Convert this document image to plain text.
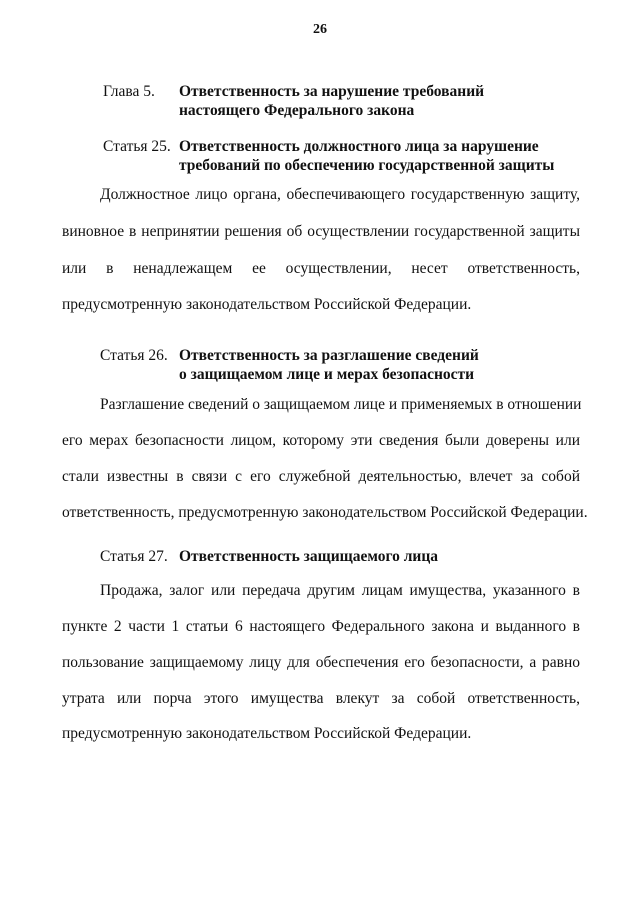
26
Глава 5. Ответственность за нарушение требований
настоящего Федерального закона
Статья 25. Ответственность должностного лица за нарушение
требований по обеспечению государственной защиты
Должностное лицо органа, обеспечивающего государственную защиту,
виновное в непринятии решения об осуществлении государственной защиты
или в ненадлежащем ее осуществлении, несет ответственность,
предусмотренную законодательством Российской Федерации.
Статья 26. Ответственность за разглашение сведений
о защищаемом лице и мерах безопасности
Разглашение сведений о защищаемом лице и применяемых в отношении
его мерах безопасности лицом, которому эти сведения были доверены или
стали известны в связи с его служебной деятельностью, влечет за собой
ответственность, предусмотренную законодательством Российской Федерации.
Статья 27. Ответственность защищаемого лица
Продажа, залог или передача другим лицам имущества, указанного в
пункте 2 части 1 статьи 6 настоящего Федерального закона и выданного в
пользование защищаемому лицу для обеспечения его безопасности, а равно
утрата или порча этого имущества влекут за собой ответственность,
предусмотренную законодательством Российской Федерации.
